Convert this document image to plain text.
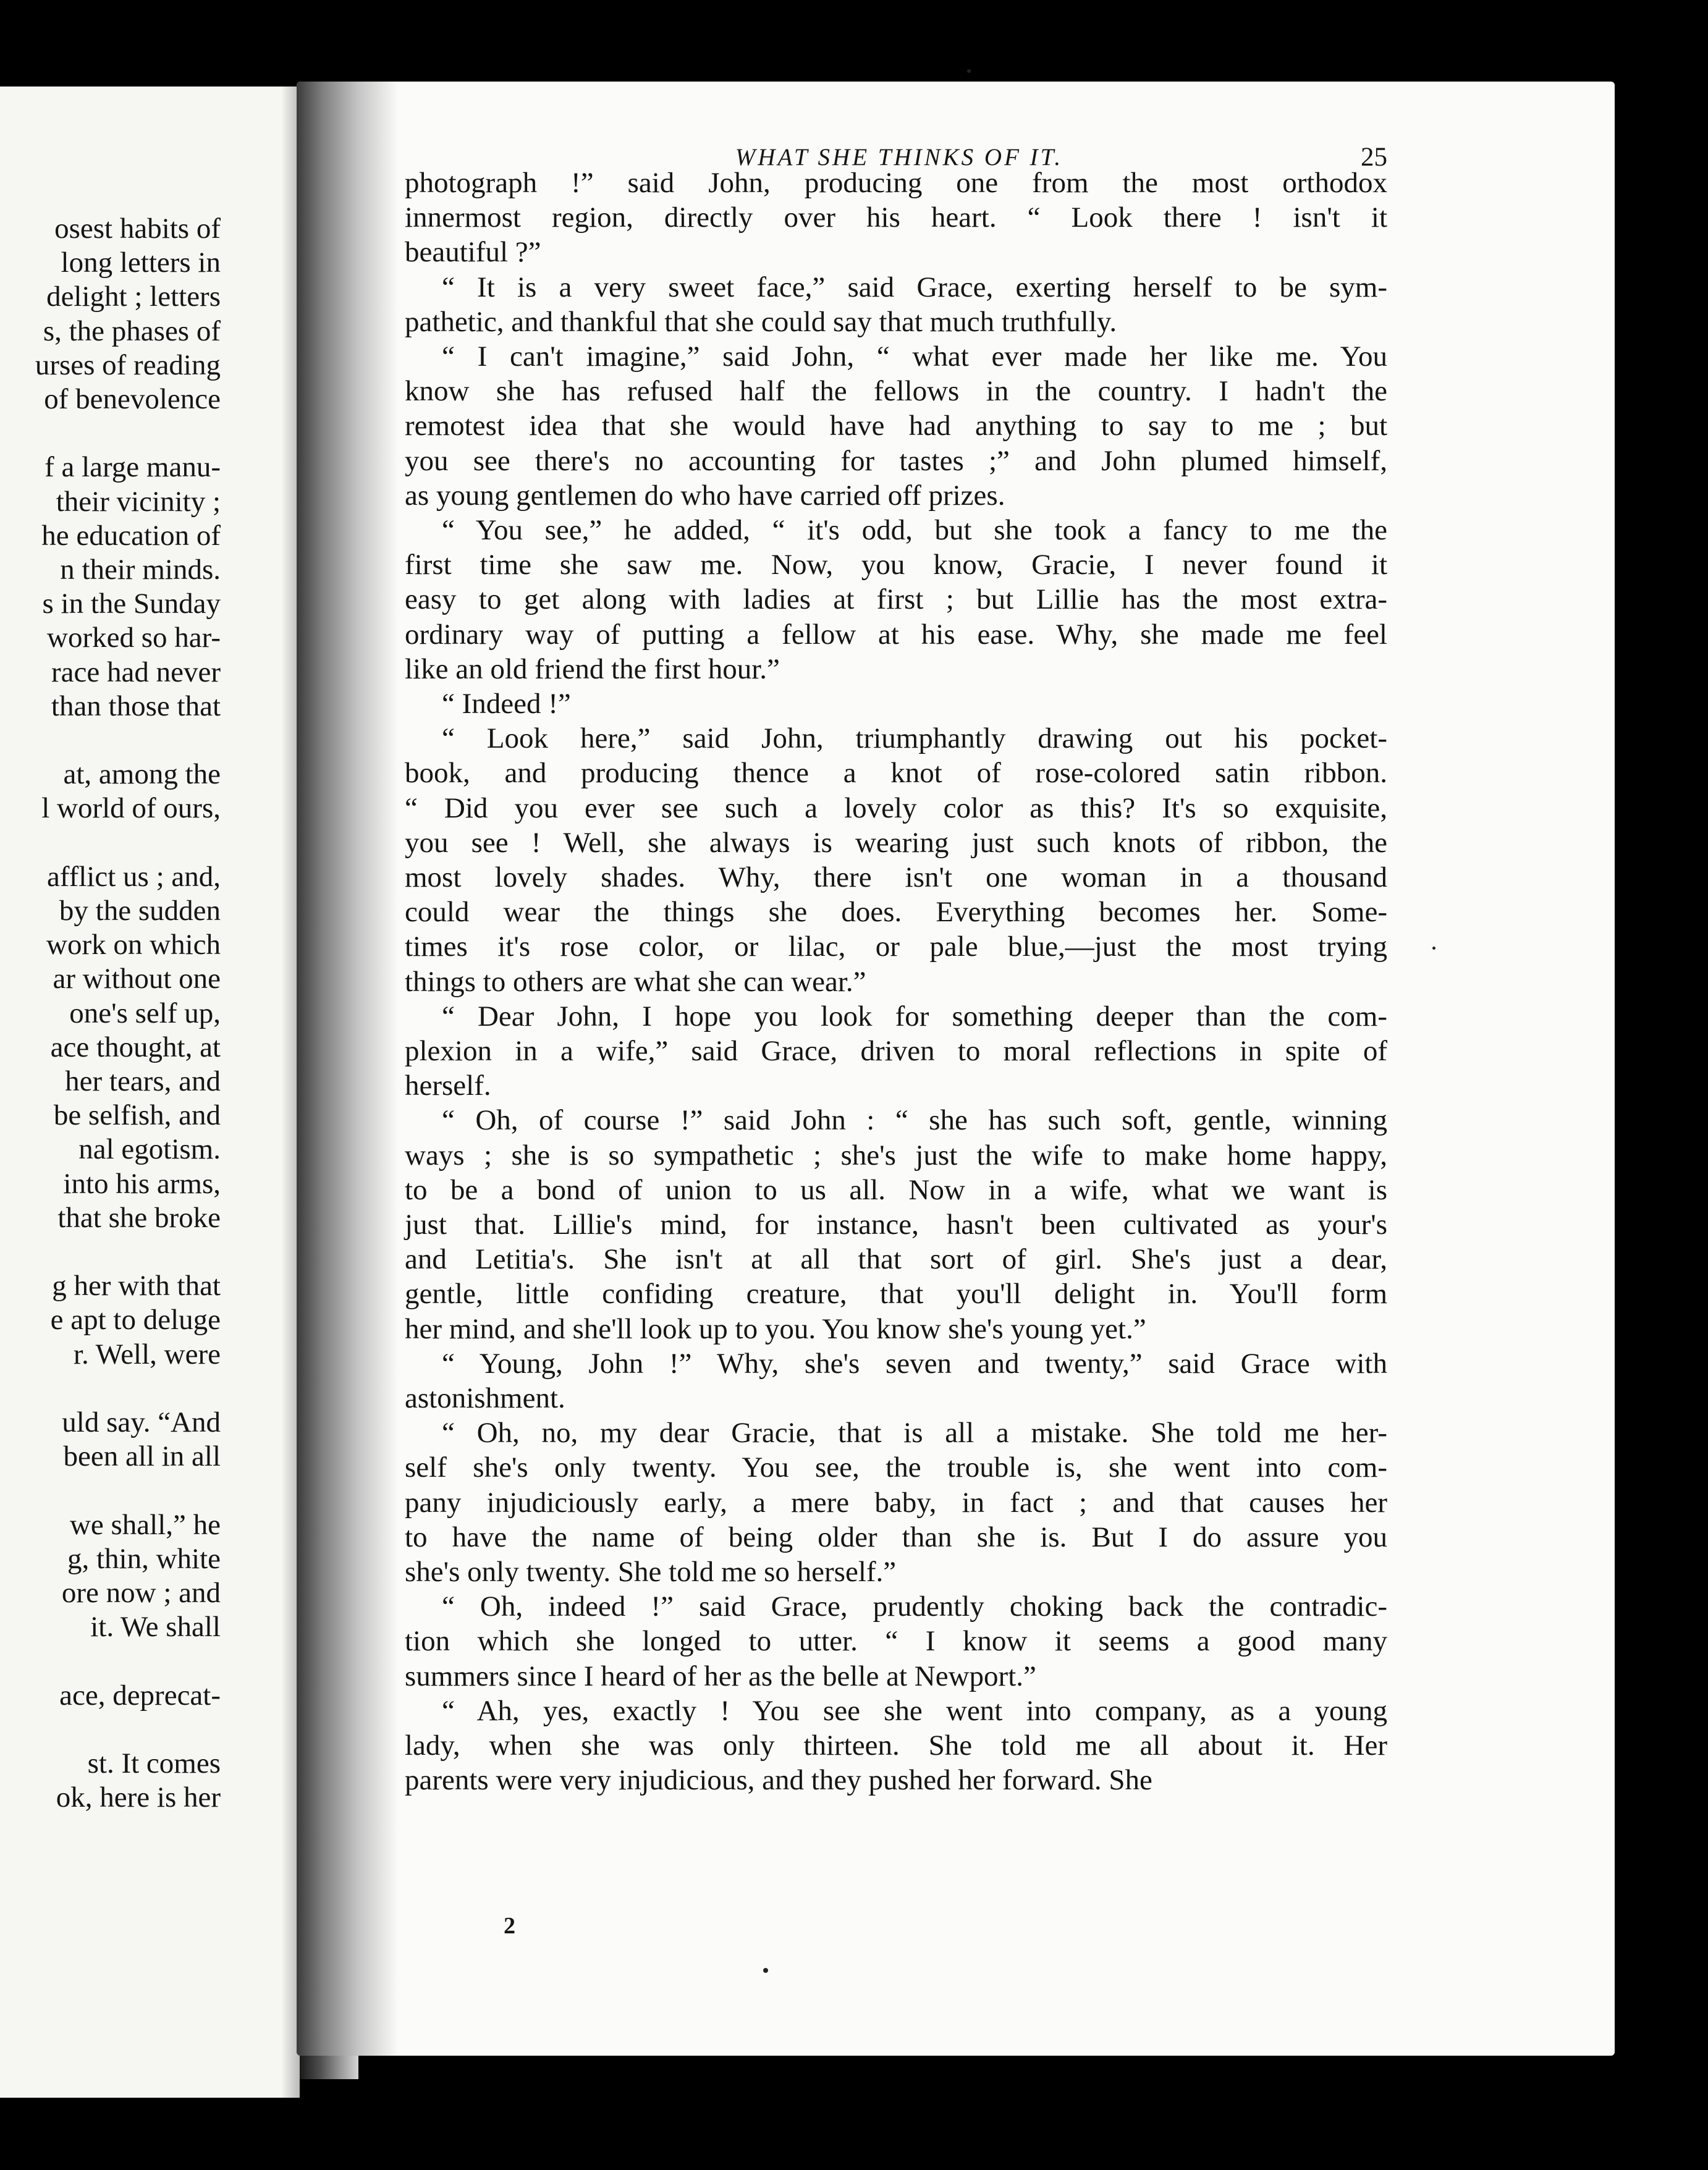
osest habits of
long letters in
delight ; letters
s, the phases of
urses of reading
of benevolence
f a large manu-
their vicinity ;
he education of
n their minds.
s in the Sunday
worked so har-
race had never
than those that
at, among the
l world of ours,
afflict us ; and,
by the sudden
work on which
ar without one
one's self up,
ace thought, at
her tears, and
be selfish, and
nal egotism.
into his arms,
that she broke
g her with that
e apt to deluge
r. Well, were
uld say. “And
been all in all
we shall,” he
g, thin, white
ore now ; and
it. We shall
ace, deprecat-
st. It comes
ok, here is her
WHAT SHE THINKS OF IT.	25
photograph !” said John, producing one from the most orthodox
innermost region, directly over his heart. “ Look there ! isn't it
beautiful ?”
“ It is a very sweet face,” said Grace, exerting herself to be sym-
pathetic, and thankful that she could say that much truthfully.
“ I can't imagine,” said John, “ what ever made her like me. You
know she has refused half the fellows in the country. I hadn't the
remotest idea that she would have had anything to say to me ; but
you see there's no accounting for tastes ;” and John plumed himself,
as young gentlemen do who have carried off prizes.
“ You see,” he added, “ it's odd, but she took a fancy to me the
first time she saw me. Now, you know, Gracie, I never found it
easy to get along with ladies at first ; but Lillie has the most extra-
ordinary way of putting a fellow at his ease. Why, she made me feel
like an old friend the first hour.”
“ Indeed !”
“ Look here,” said John, triumphantly drawing out his pocket-
book, and producing thence a knot of rose-colored satin ribbon.
“ Did you ever see such a lovely color as this? It's so exquisite,
you see ! Well, she always is wearing just such knots of ribbon, the
most lovely shades. Why, there isn't one woman in a thousand
could wear the things she does. Everything becomes her. Some-
times it's rose color, or lilac, or pale blue,—just the most trying
things to others are what she can wear.”
“ Dear John, I hope you look for something deeper than the com-
plexion in a wife,” said Grace, driven to moral reflections in spite of
herself.
“ Oh, of course !” said John : “ she has such soft, gentle, winning
ways ; she is so sympathetic ; she's just the wife to make home happy,
to be a bond of union to us all. Now in a wife, what we want is
just that. Lillie's mind, for instance, hasn't been cultivated as your's
and Letitia's. She isn't at all that sort of girl. She's just a dear,
gentle, little confiding creature, that you'll delight in. You'll form
her mind, and she'll look up to you. You know she's young yet.”
“ Young, John !” Why, she's seven and twenty,” said Grace with
astonishment.
“ Oh, no, my dear Gracie, that is all a mistake. She told me her-
self she's only twenty. You see, the trouble is, she went into com-
pany injudiciously early, a mere baby, in fact ; and that causes her
to have the name of being older than she is. But I do assure you
she's only twenty. She told me so herself.”
“ Oh, indeed !” said Grace, prudently choking back the contradic-
tion which she longed to utter. “ I know it seems a good many
summers since I heard of her as the belle at Newport.”
“ Ah, yes, exactly ! You see she went into company, as a young
lady, when she was only thirteen. She told me all about it. Her
parents were very injudicious, and they pushed her forward. She
2
